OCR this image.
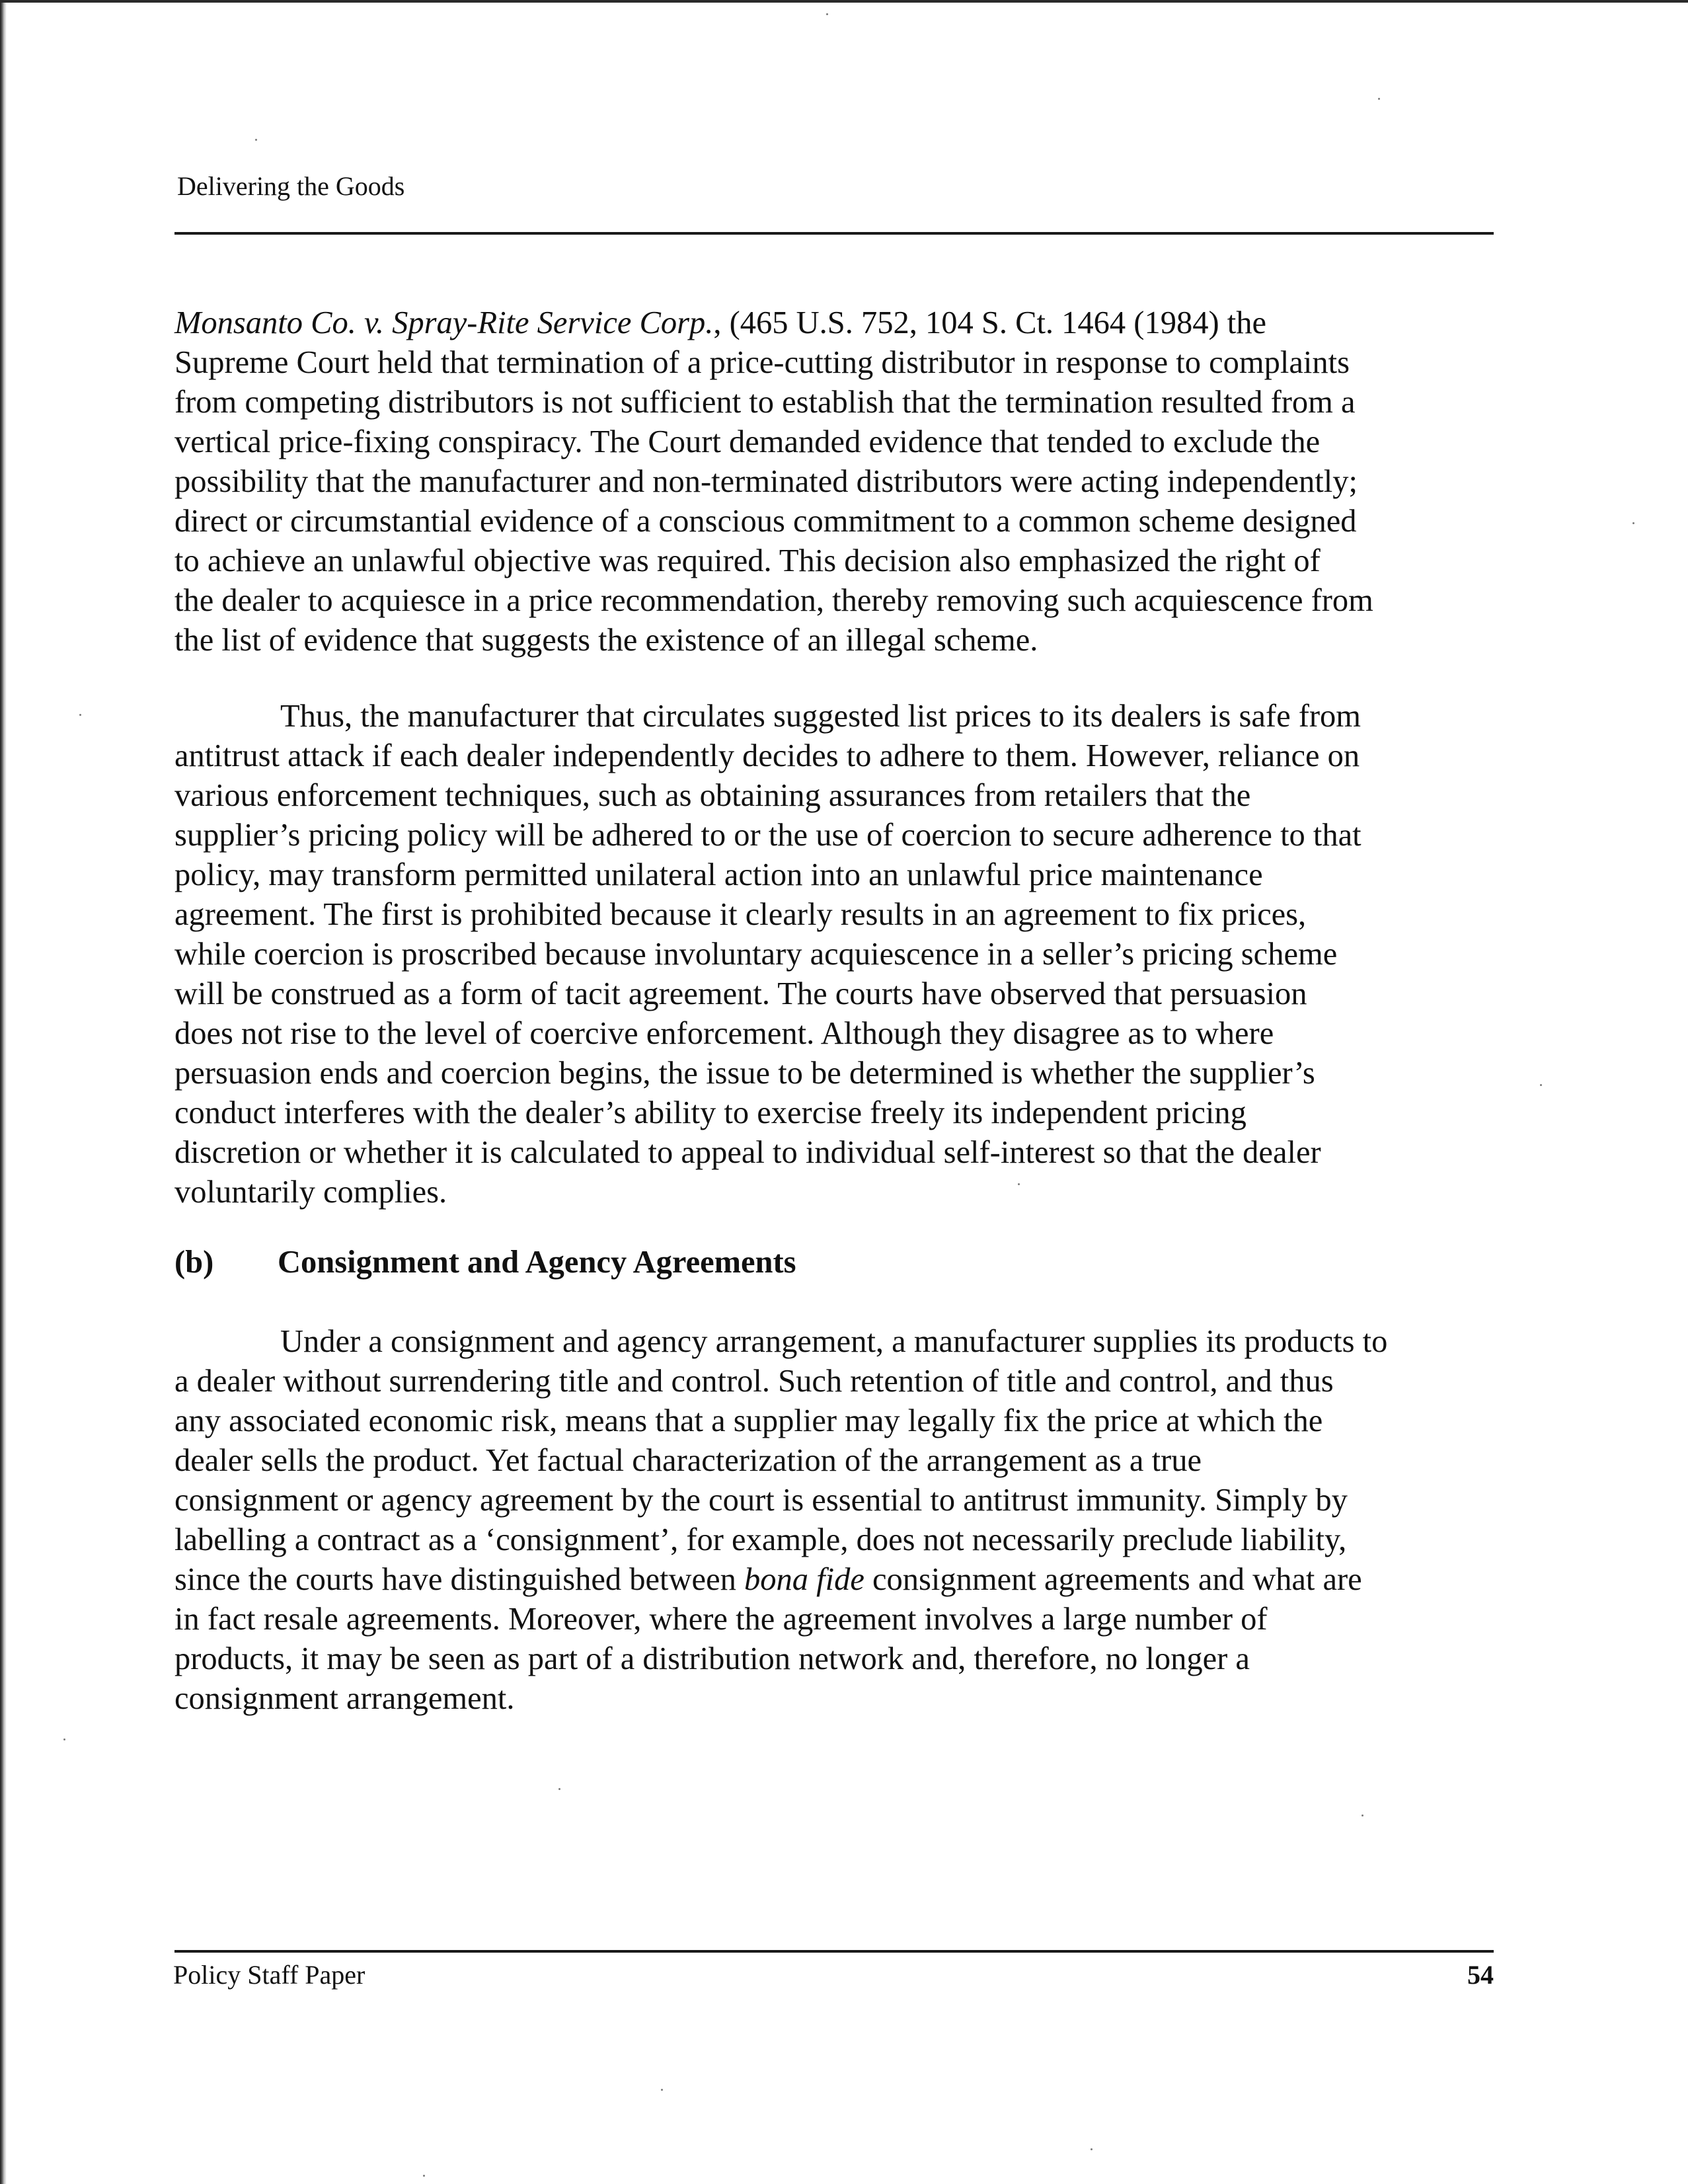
Delivering the Goods
Monsanto Co. v. Spray-Rite Service Corp., (465 U.S. 752, 104 S. Ct. 1464 (1984) the
Supreme Court held that termination of a price-cutting distributor in response to complaints
from competing distributors is not sufficient to establish that the termination resulted from a
vertical price-fixing conspiracy. The Court demanded evidence that tended to exclude the
possibility that the manufacturer and non-terminated distributors were acting independently;
direct or circumstantial evidence of a conscious commitment to a common scheme designed
to achieve an unlawful objective was required. This decision also emphasized the right of
the dealer to acquiesce in a price recommendation, thereby removing such acquiescence from
the list of evidence that suggests the existence of an illegal scheme.
Thus, the manufacturer that circulates suggested list prices to its dealers is safe from
antitrust attack if each dealer independently decides to adhere to them. However, reliance on
various enforcement techniques, such as obtaining assurances from retailers that the
supplier’s pricing policy will be adhered to or the use of coercion to secure adherence to that
policy, may transform permitted unilateral action into an unlawful price maintenance
agreement. The first is prohibited because it clearly results in an agreement to fix prices,
while coercion is proscribed because involuntary acquiescence in a seller’s pricing scheme
will be construed as a form of tacit agreement. The courts have observed that persuasion
does not rise to the level of coercive enforcement. Although they disagree as to where
persuasion ends and coercion begins, the issue to be determined is whether the supplier’s
conduct interferes with the dealer’s ability to exercise freely its independent pricing
discretion or whether it is calculated to appeal to individual self-interest so that the dealer
voluntarily complies.
(b) Consignment and Agency Agreements
Under a consignment and agency arrangement, a manufacturer supplies its products to
a dealer without surrendering title and control. Such retention of title and control, and thus
any associated economic risk, means that a supplier may legally fix the price at which the
dealer sells the product. Yet factual characterization of the arrangement as a true
consignment or agency agreement by the court is essential to antitrust immunity. Simply by
labelling a contract as a ‘consignment’, for example, does not necessarily preclude liability,
since the courts have distinguished between bona fide consignment agreements and what are
in fact resale agreements. Moreover, where the agreement involves a large number of
products, it may be seen as part of a distribution network and, therefore, no longer a
consignment arrangement.
Policy Staff Paper	54
